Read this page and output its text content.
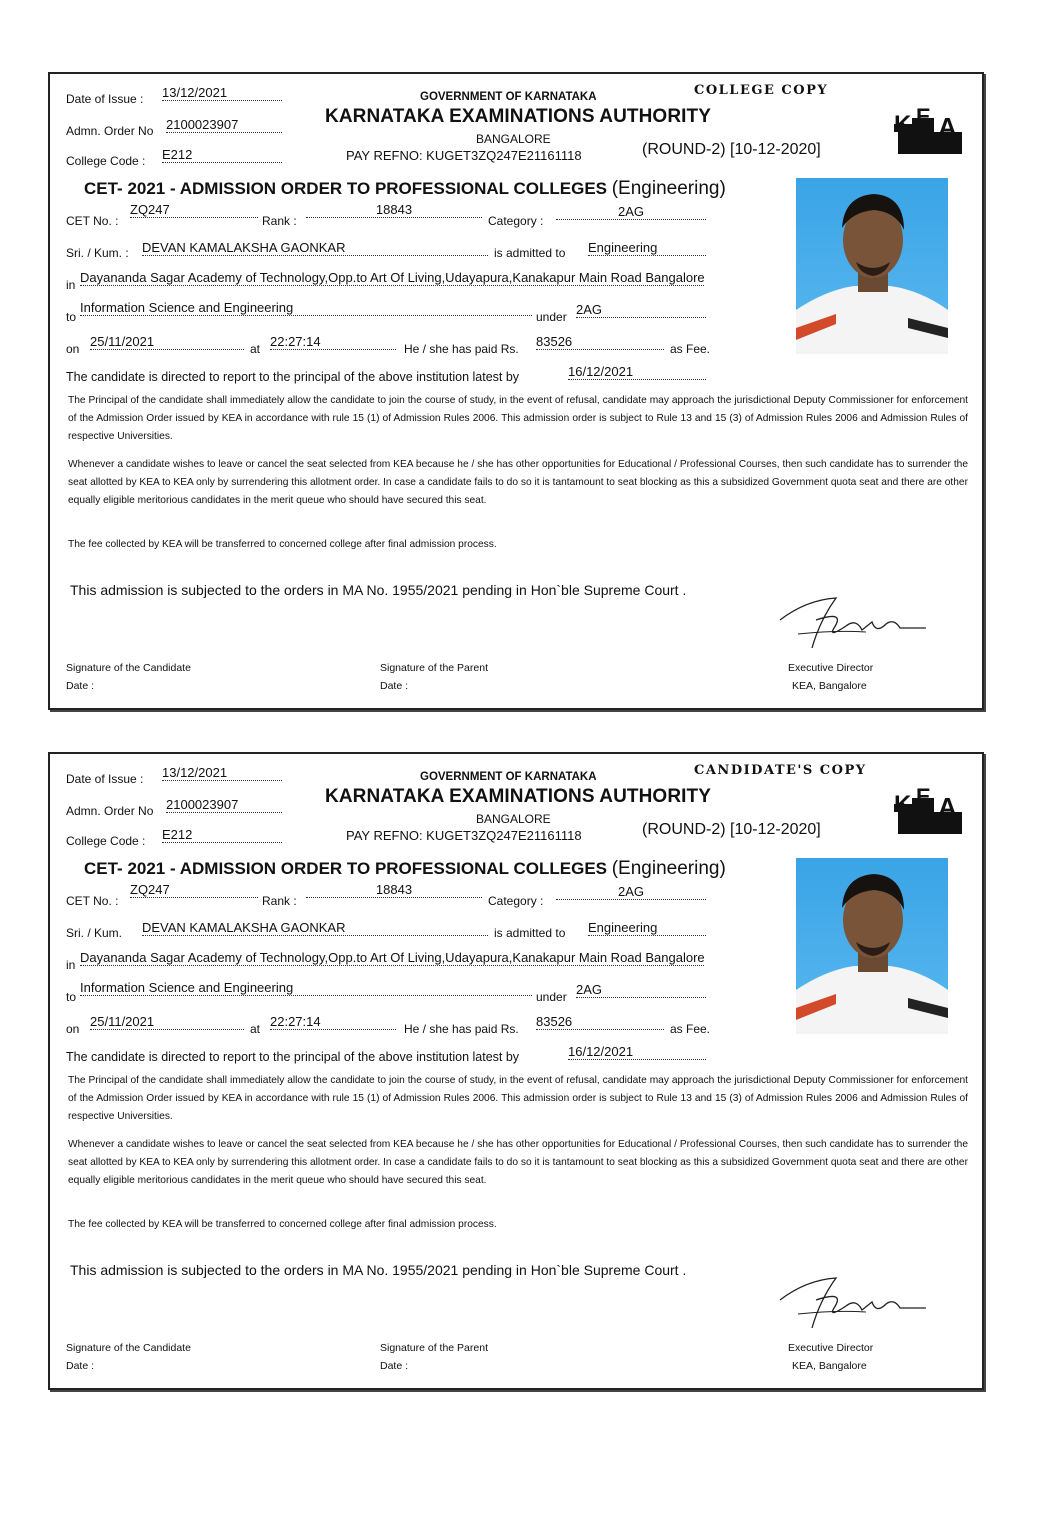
COLLEGE COPY
Date of Issue : 13/12/2021
Admn. Order No 2100023907
College Code : E212
GOVERNMENT OF KARNATAKA
KARNATAKA EXAMINATIONS AUTHORITY
BANGALORE
PAY REFNO: KUGET3ZQ247E21161118	(ROUND-2) [10-12-2020]
K E A
CET- 2021 - ADMISSION ORDER TO PROFESSIONAL COLLEGES (Engineering)
CET No. :
ZQ247
Rank :
18843
Category :
2AG
Sri. / Kum. : DEVAN KAMALAKSHA GAONKAR	is admitted to Engineering
in Dayananda Sagar Academy of Technology,Opp.to Art Of Living,Udayapura,Kanakapur Main Road Bangalore
to
Information Science and Engineering
under 2AG
on 25/11/2021	at 22:27:14	He / she has paid Rs. 83526	as Fee.
The candidate is directed to report to the principal of the above institution latest by	16/12/2021
The Principal of the candidate shall immediately allow the candidate to join the course of study, in the event of refusal, candidate may approach the jurisdictional Deputy Commissioner for enforcement of the Admission Order issued by KEA in accordance with rule 15 (1) of Admission Rules 2006. This admission order is subject to Rule 13 and 15 (3) of Admission Rules 2006 and Admission Rules of respective Universities.
Whenever a candidate wishes to leave or cancel the seat selected from KEA because he / she has other opportunities for Educational / Professional Courses, then such candidate has to surrender the seat allotted by KEA to KEA only by surrendering this allotment order. In case a candidate fails to do so it is tantamount to seat blocking as this a subsidized Government quota seat and there are other equally eligible meritorious candidates in the merit queue who should have secured this seat.
The fee collected by KEA will be transferred to concerned college after final admission process.
This admission is subjected to the orders in MA No. 1955/2021 pending in Hon`ble Supreme Court .
Signature of the Candidate
Date :
Signature of the Parent
Date :
Executive Director
KEA, Bangalore
CANDIDATE'S COPY
Date of Issue : 13/12/2021
Admn. Order No 2100023907
College Code : E212
GOVERNMENT OF KARNATAKA
KARNATAKA EXAMINATIONS AUTHORITY
BANGALORE
PAY REFNO: KUGET3ZQ247E21161118	(ROUND-2) [10-12-2020]
K E A
CET- 2021 - ADMISSION ORDER TO PROFESSIONAL COLLEGES (Engineering)
CET No. :
ZQ247
Rank :
18843
Category :
2AG
Sri. / Kum. DEVAN KAMALAKSHA GAONKAR	is admitted to Engineering
in Dayananda Sagar Academy of Technology,Opp.to Art Of Living,Udayapura,Kanakapur Main Road Bangalore
to
Information Science and Engineering
under 2AG
on 25/11/2021	at 22:27:14	He / she has paid Rs. 83526	as Fee.
The candidate is directed to report to the principal of the above institution latest by	16/12/2021
The Principal of the candidate shall immediately allow the candidate to join the course of study, in the event of refusal, candidate may approach the jurisdictional Deputy Commissioner for enforcement of the Admission Order issued by KEA in accordance with rule 15 (1) of Admission Rules 2006. This admission order is subject to Rule 13 and 15 (3) of Admission Rules 2006 and Admission Rules of respective Universities.
Whenever a candidate wishes to leave or cancel the seat selected from KEA because he / she has other opportunities for Educational / Professional Courses, then such candidate has to surrender the seat allotted by KEA to KEA only by surrendering this allotment order. In case a candidate fails to do so it is tantamount to seat blocking as this a subsidized Government quota seat and there are other equally eligible meritorious candidates in the merit queue who should have secured this seat.
The fee collected by KEA will be transferred to concerned college after final admission process.
This admission is subjected to the orders in MA No. 1955/2021 pending in Hon`ble Supreme Court .
Signature of the Candidate
Date :
Signature of the Parent
Date :
Executive Director
KEA, Bangalore
